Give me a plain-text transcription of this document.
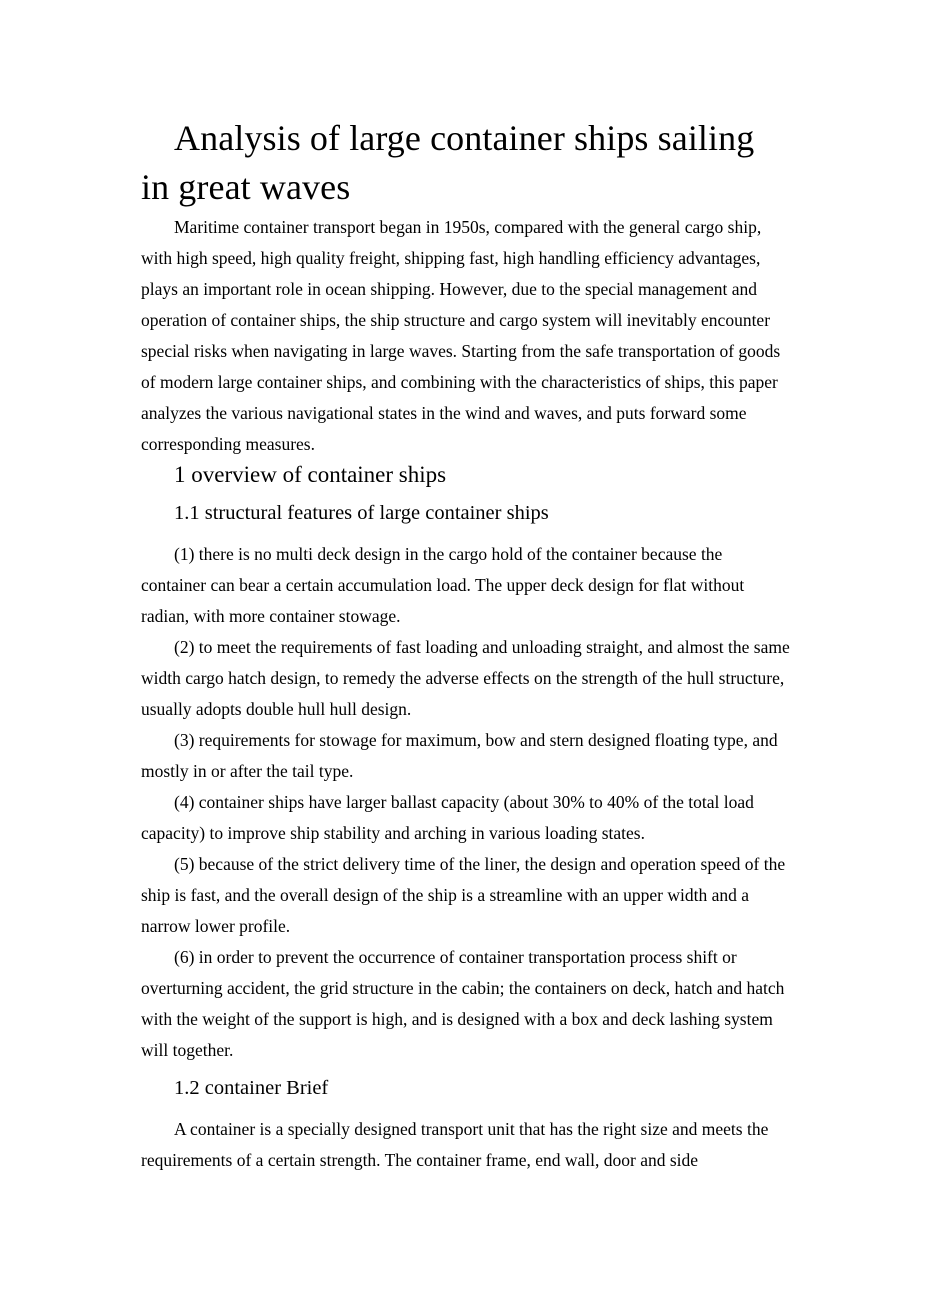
Analysis of large container ships sailing in great waves

Maritime container transport began in 1950s, compared with the general cargo ship, with high speed, high quality freight, shipping fast, high handling efficiency advantages, plays an important role in ocean shipping. However, due to the special management and operation of container ships, the ship structure and cargo system will inevitably encounter special risks when navigating in large waves. Starting from the safe transportation of goods of modern large container ships, and combining with the characteristics of ships, this paper analyzes the various navigational states in the wind and waves, and puts forward some corresponding measures.

1 overview of container ships
1.1 structural features of large container ships

(1) there is no multi deck design in the cargo hold of the container because the container can bear a certain accumulation load. The upper deck design for flat without radian, with more container stowage.

(2) to meet the requirements of fast loading and unloading straight, and almost the same width cargo hatch design, to remedy the adverse effects on the strength of the hull structure, usually adopts double hull hull design.

(3) requirements for stowage for maximum, bow and stern designed floating type, and mostly in or after the tail type.

(4) container ships have larger ballast capacity (about 30% to 40% of the total load capacity) to improve ship stability and arching in various loading states.

(5) because of the strict delivery time of the liner, the design and operation speed of the ship is fast, and the overall design of the ship is a streamline with an upper width and a narrow lower profile.

(6) in order to prevent the occurrence of container transportation process shift or overturning accident, the grid structure in the cabin; the containers on deck, hatch and hatch with the weight of the support is high, and is designed with a box and deck lashing system will together.

1.2 container Brief

A container is a specially designed transport unit that has the right size and meets the requirements of a certain strength. The container frame, end wall, door and side
